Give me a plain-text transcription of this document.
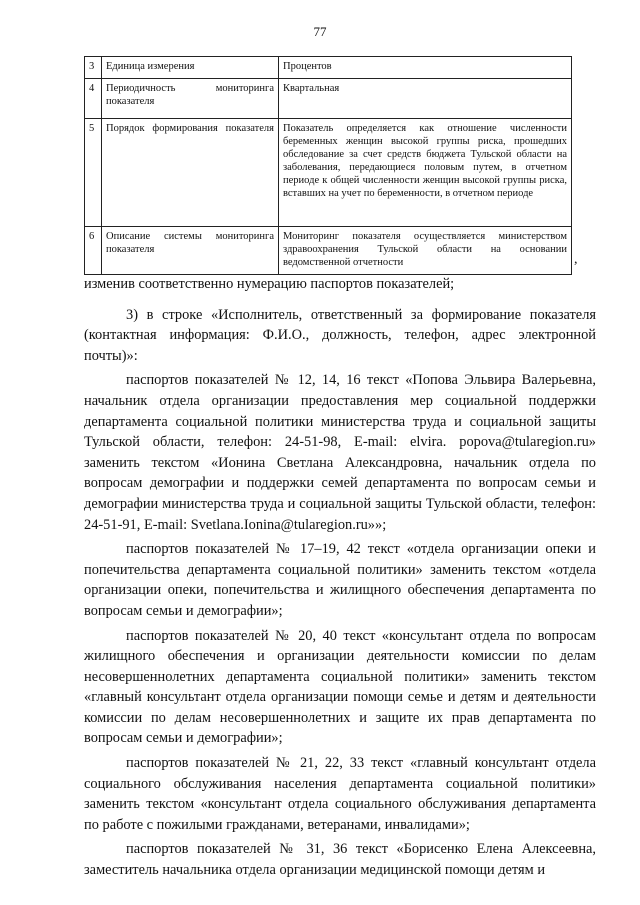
77
3	Единица измерения	Процентов
4	Периодичность мониторинга показателя	Квартальная
5	Порядок формирования показателя	Показатель определяется как отношение численности беременных женщин высокой группы риска, прошедших обследование за счет средств бюджета Тульской области на заболевания, передающиеся половым путем, в отчетном периоде к общей численности женщин высокой группы риска, вставших на учет по беременности, в отчетном периоде
6	Описание системы мониторинга показателя	Мониторинг показателя осуществляется министерством здравоохранения Тульской области на основании ведомственной отчетности	,

изменив соответственно нумерацию паспортов показателей;

3) в строке «Исполнитель, ответственный за формирование показателя (контактная информация: Ф.И.О., должность, телефон, адрес электронной почты)»:

паспортов показателей № 12, 14, 16 текст «Попова Эльвира Валерьевна, начальник отдела организации предоставления мер социальной поддержки департамента социальной политики министерства труда и социальной защиты Тульской области, телефон: 24-51-98, E-mail: elvira. popova@tularegion.ru» заменить текстом «Ионина Светлана Александровна, начальник отдела по вопросам демографии и поддержки семей департамента по вопросам семьи и демографии министерства труда и социальной защиты Тульской области, телефон: 24-51-91, E-mail: Svetlana.Ionina@tularegion.ru»»;

паспортов показателей № 17–19, 42 текст «отдела организации опеки и попечительства департамента социальной политики» заменить текстом «отдела организации опеки, попечительства и жилищного обеспечения департамента по вопросам семьи и демографии»;

паспортов показателей № 20, 40 текст «консультант отдела по вопросам жилищного обеспечения и организации деятельности комиссии по делам несовершеннолетних департамента социальной политики» заменить текстом «главный консультант отдела организации помощи семье и детям и деятельности комиссии по делам несовершеннолетних и защите их прав департамента по вопросам семьи и демографии»;

паспортов показателей № 21, 22, 33 текст «главный консультант отдела социального обслуживания населения департамента социальной политики» заменить текстом «консультант отдела социального обслуживания департамента по работе с пожилыми гражданами, ветеранами, инвалидами»;

паспортов показателей № 31, 36 текст «Борисенко Елена Алексеевна, заместитель начальника отдела организации медицинской помощи детям и
